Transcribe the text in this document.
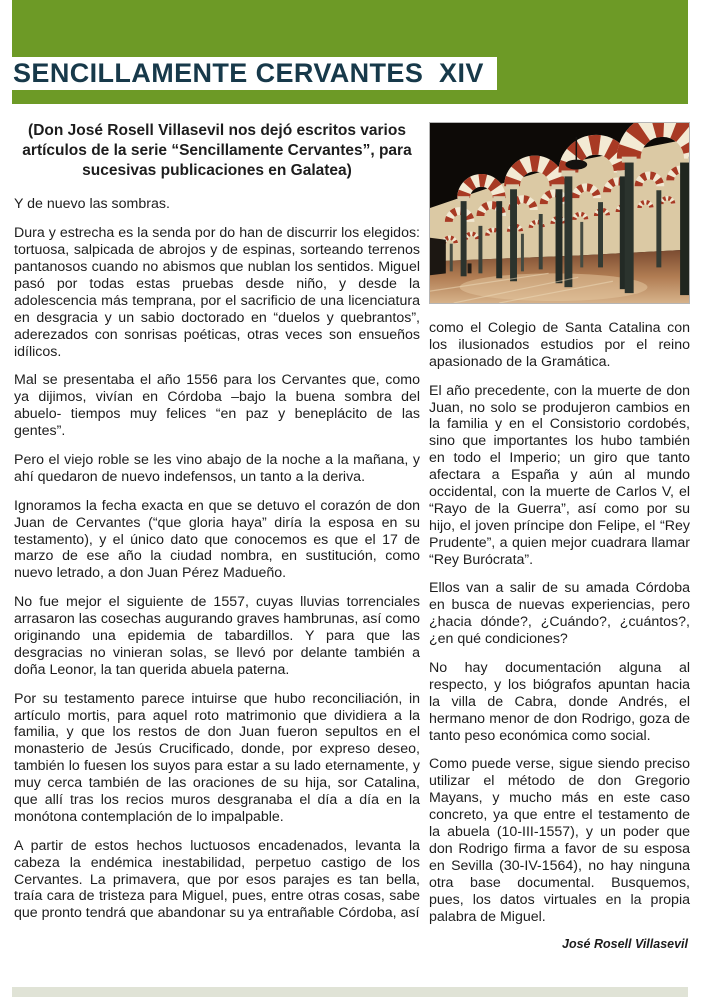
SENCILLAMENTE CERVANTES  XIV

(Don José Rosell Villasevil nos dejó escritos varios artículos de la serie “Sencillamente Cervantes”, para sucesivas publicaciones en Galatea)

Y de nuevo las sombras.

Dura y estrecha es la senda por do han de discurrir los elegidos: tortuosa, salpicada de abrojos y de espinas, sorteando terrenos pantanosos cuando no abismos que nublan los sentidos. Miguel pasó por todas estas pruebas desde niño, y desde la adolescencia más temprana, por el sacrificio de una licenciatura en desgracia y un sabio doctorado en “duelos y quebrantos”, aderezados con sonrisas poéticas, otras veces son ensueños idílicos.

Mal se presentaba el año 1556 para los Cervantes que, como ya dijimos, vivían en Córdoba –bajo la buena sombra del abuelo- tiempos muy felices “en paz y beneplácito de las gentes”.

Pero el viejo roble se les vino abajo de la noche a la mañana, y ahí quedaron de nuevo indefensos, un tanto a la deriva.

Ignoramos la fecha exacta en que se detuvo el corazón de don Juan de Cervantes (“que gloria haya” diría la esposa en su testamento), y el único dato que conocemos es que el 17 de marzo de ese año la ciudad nombra, en sustitución, como nuevo letrado, a don Juan Pérez Madueño.

No fue mejor el siguiente de 1557, cuyas lluvias torrenciales arrasaron las cosechas augurando graves hambrunas, así como originando una epidemia de tabardillos. Y para que las desgracias no vinieran solas, se llevó por delante también a doña Leonor, la tan querida abuela paterna.

Por su testamento parece intuirse que hubo reconciliación, in artículo mortis, para aquel roto matrimonio que dividiera a la familia, y que los restos de don Juan fueron sepultos en el monasterio de Jesús Crucificado, donde, por expreso deseo, también lo fuesen los suyos para estar a su lado eternamente, y muy cerca también de las oraciones de su hija, sor Catalina, que allí tras los recios muros desgranaba el día a día en la monótona contemplación de lo impalpable.

A partir de estos hechos luctuosos encadenados, levanta la cabeza la endémica inestabilidad, perpetuo castigo de los Cervantes. La primavera, que por esos parajes es tan bella, traía cara de tristeza para Miguel, pues, entre otras cosas, sabe que pronto tendrá que abandonar su ya entrañable Córdoba, así

como el Colegio de Santa Catalina con los ilusionados estudios por el reino apasionado de la Gramática.

El año precedente, con la muerte de don Juan, no solo se produjeron cambios en la familia y en el Consistorio cordobés, sino que importantes los hubo también en todo el Imperio; un giro que tanto afectara a España y aún al mundo occidental, con la muerte de Carlos V, el “Rayo de la Guerra”, así como por su hijo, el joven príncipe don Felipe, el “Rey Prudente”, a quien mejor cuadrara llamar “Rey Burócrata”.

Ellos van a salir de su amada Córdoba en busca de nuevas experiencias, pero ¿hacia dónde?, ¿Cuándo?, ¿cuántos?, ¿en qué condiciones?

No hay documentación alguna al respecto, y los biógrafos apuntan hacia la villa de Cabra, donde Andrés, el hermano menor de don Rodrigo, goza de tanto peso económica como social.

Como puede verse, sigue siendo preciso utilizar el método de don Gregorio Mayans, y mucho más en este caso concreto, ya que entre el testamento de la abuela (10-III-1557), y un poder que don Rodrigo firma a favor de su esposa en Sevilla (30-IV-1564), no hay ninguna otra base documental. Busquemos, pues, los datos virtuales en la propia palabra de Miguel.

José Rosell Villasevil
